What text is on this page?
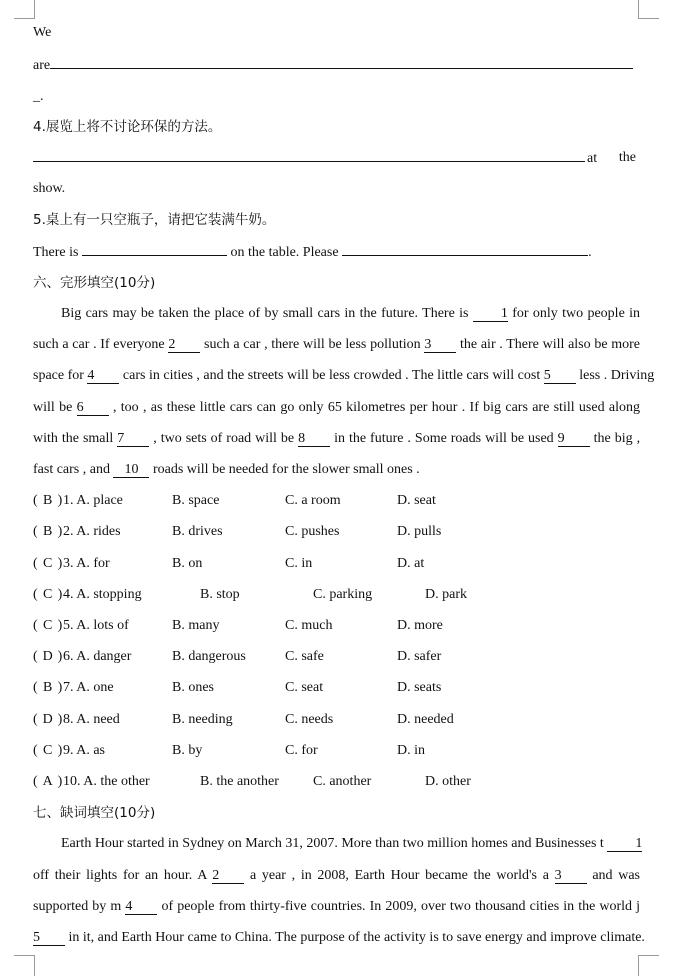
We
are
_.
4.展览上将不讨论环保的方法。
at the
show.
5.桌上有一只空瓶子，请把它装满牛奶。
There is	on the table. Please	.
六、完形填空(10分)
Big cars may be taken the place of by small cars in the future. There is 1 for only two people in
such a car . If everyone 2 such a car , there will be less pollution 3 the air . There will also be more
space for 4 cars in cities , and the streets will be less crowded . The little cars will cost 5 less . Driving
will be 6 , too , as these little cars can go only 65 kilometres per hour . If big cars are still used along
with the small 7 , two sets of road will be 8 in the future . Some roads will be used 9 the big ,
fast cars , and 10 roads will be needed for the slower small ones .
( B ) 1. A. place	B. space	C. a room	D. seat
( B ) 2. A. rides	B. drives	C. pushes	D. pulls
( C ) 3. A. for	B. on	C. in	D. at
( C ) 4. A. stopping	B. stop	C. parking	D. park
( C ) 5. A. lots of	B. many	C. much	D. more
( D ) 6. A. danger	B. dangerous	C. safe	D. safer
( B ) 7. A. one	B. ones	C. seat	D. seats
( D ) 8. A. need	B. needing	C. needs	D. needed
( C ) 9. A. as	B. by	C. for	D. in
( A ) 10. A. the other	B. the another C. another	D. other
七、缺词填空(10分)
Earth Hour started in Sydney on March 31, 2007. More than two million homes and Businesses t 1
off their lights for an hour. A 2 a year , in 2008, Earth Hour became the world's a 3 and was
supported by m 4 of people from thirty-five countries. In 2009, over two thousand cities in the world j
5 in it, and Earth Hour came to China. The purpose of the activity is to save energy and improve climate.
